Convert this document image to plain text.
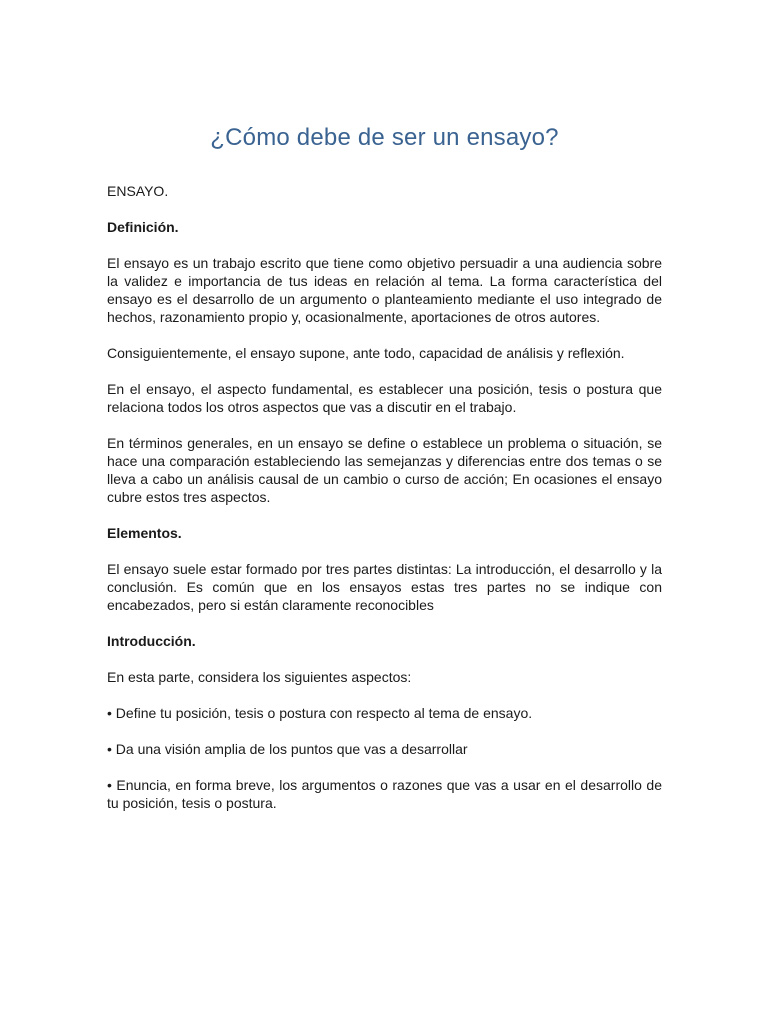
¿Cómo debe de ser un ensayo?

ENSAYO.

Definición.

El ensayo es un trabajo escrito que tiene como objetivo persuadir a una audiencia sobre la validez e importancia de tus ideas en relación al tema. La forma característica del ensayo es el desarrollo de un argumento o planteamiento mediante el uso integrado de hechos, razonamiento propio y, ocasionalmente, aportaciones de otros autores.

Consiguientemente, el ensayo supone, ante todo, capacidad de análisis y reflexión.

En el ensayo, el aspecto fundamental, es establecer una posición, tesis o postura que relaciona todos los otros aspectos que vas a discutir en el trabajo.

En términos generales, en un ensayo se define o establece un problema o situación, se hace una comparación estableciendo las semejanzas y diferencias entre dos temas o se lleva a cabo un análisis causal de un cambio o curso de acción; En ocasiones el ensayo cubre estos tres aspectos.

Elementos.

El ensayo suele estar formado por tres partes distintas: La introducción, el desarrollo y la conclusión. Es común que en los ensayos estas tres partes no se indique con encabezados, pero si están claramente reconocibles

Introducción.

En esta parte, considera los siguientes aspectos:

• Define tu posición, tesis o postura con respecto al tema de ensayo.

• Da una visión amplia de los puntos que vas a desarrollar

• Enuncia, en forma breve, los argumentos o razones que vas a usar en el desarrollo de tu posición, tesis o postura.
